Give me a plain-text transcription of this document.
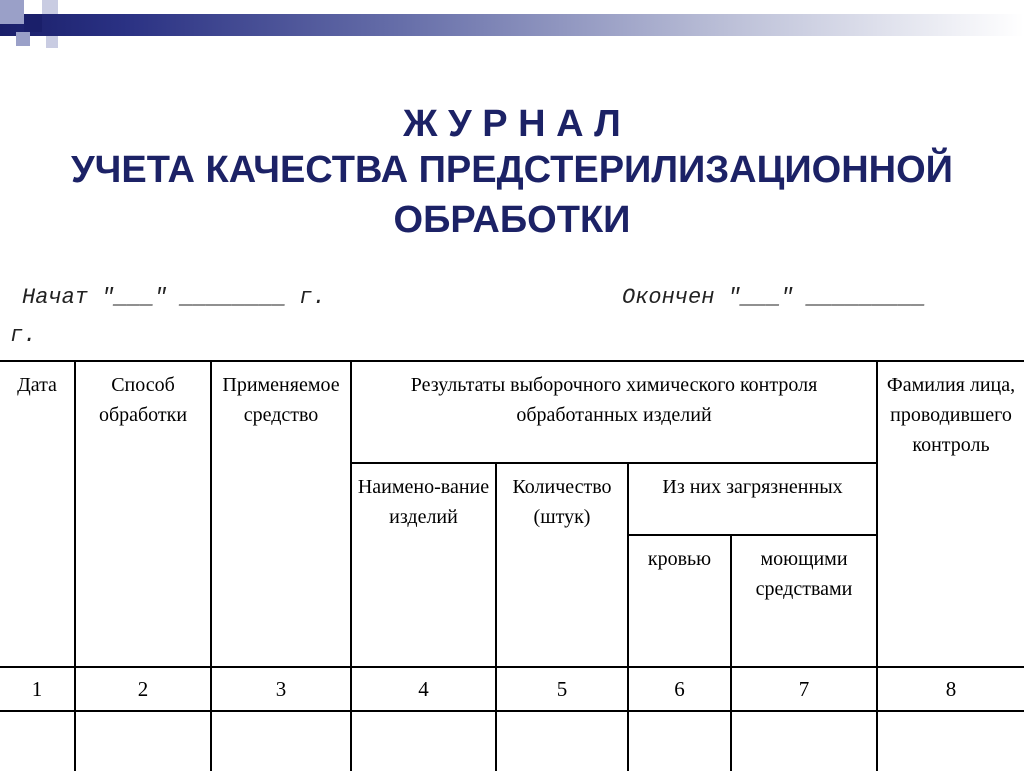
Ж У Р Н А Л

УЧЕТА КАЧЕСТВА ПРЕДСТЕРИЛИЗАЦИОННОЙ

ОБРАБОТКИ

Начат "___" ________ г.	Окончен "___" _________

г.

Дата	Способ обработки	Применяемое средство	Результаты выборочного химического контроля обработанных изделий				Фамилия лица, проводившего контроль
			Наимено-вание изделий	Количество (штук)	Из них загрязненных		
					кровью	моющими средствами	
1	2	3	4	5	6	7	8
